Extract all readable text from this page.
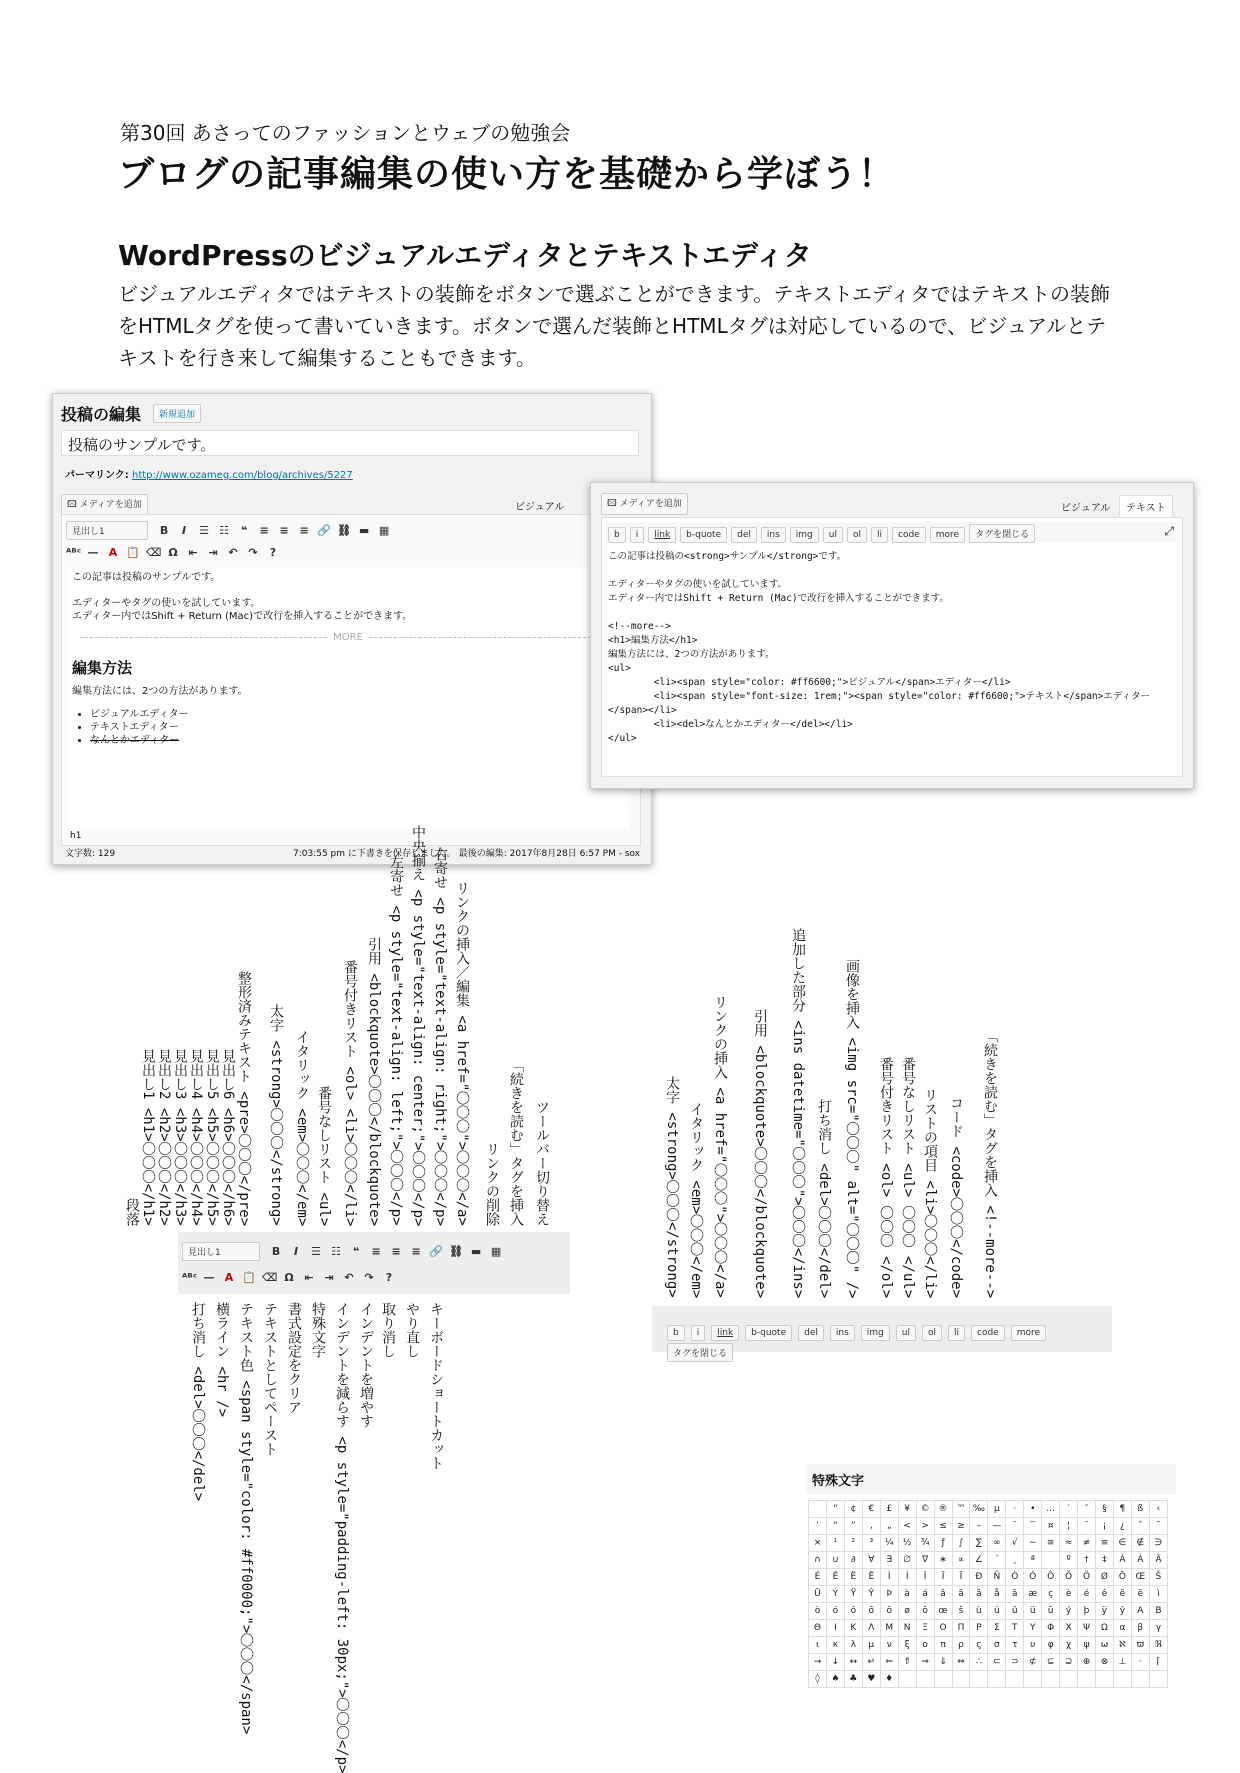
第30回 あさってのファッションとウェブの勉強会
ブログの記事編集の使い方を基礎から学ぼう！
WordPressのビジュアルエディタとテキストエディタ
ビジュアルエディタではテキストの装飾をボタンで選ぶことができます。テキストエディタではテキストの装飾をHTMLタグを使って書いていきます。ボタンで選んだ装飾とHTMLタグは対応しているので、ビジュアルとテキストを行き来して編集することもできます。
投稿の編集	新規追加
投稿のサンプルです。
パーマリンク: http://www.ozameg.com/blog/archives/5227
🖾 メディアを追加	ビジュアル
見出し1	B I ☰ ☷ ❝ ≡ ≡ ≡ 🔗 ⛓ ▬ ▦
ᴬᴮᶜ — A 📋 ⌫ Ω ⇤ ⇥ ↶ ↷ ?
この記事は投稿のサンプルです。

エディターやタグの使いを試しています。
エディター内ではShift + Return (Mac)で改行を挿入することができます。
MORE
編集方法
編集方法には、2つの方法があります。
• ビジュアルエディター
• テキストエディター
• なんとかエディター
h1
文字数: 129	7:03:55 pm に下書きを保存しました。 最後の編集: 2017年8月28日 6:57 PM - sox
🖾 メディアを追加	ビジュアル	テキスト
b i link b-quote del ins img ul ol li code more タグを閉じる	⤢
この記事は投稿の<strong>サンプル</strong>です。

エディターやタグの使いを試しています。
エディター内ではShift + Return (Mac)で改行を挿入することができます。

<!--more-->
<h1>編集方法</h1>
編集方法には、2つの方法があります。
<ul>
<li><span style="color: #ff6600;">ビジュアル</span>エディター</li>
<li><span style="font-size: 1rem;"><span style="color: #ff6600;">テキスト</span>エディター
</span></li>
<li><del>なんとかエディター</del></li>
</ul>
段落 見出し1 <h1>〇〇〇</h1> 見出し2 <h2>〇〇〇</h2> 見出し3 <h3>〇〇〇</h3> 見出し4 <h4>〇〇〇</h4> 見出し5 <h5>〇〇〇</h5> 見出し6 <h6>〇〇〇</h6> 整形済みテキスト <pre>〇〇〇</pre> 太字 <strong>〇〇〇</strong> イタリック <em>〇〇〇</em> 番号なしリスト <ul> 番号付きリスト <ol> <li>〇〇〇</li> 引用 <blockquote>〇〇〇</blockquote> 左寄せ <p style="text-align: left;">〇〇〇</p> 中央揃え <p style="text-align: center;">〇〇〇</p> 右寄せ <p style="text-align: right;">〇〇〇</p> リンクの挿入／編集 <a href="〇〇〇">〇〇〇</a>	「続きを読む」タグを挿入
リンクの削除 ツールバー切り替え
見出し1	B I ☰ ☷ ❝ ≡ ≡ ≡ 🔗 ⛓ ▬ ▦
ᴬᴮᶜ — A 📋 ⌫ Ω ⇤ ⇥ ↶ ↷ ?
打ち消し <del>〇〇〇</del> 横ライン <hr /> テキスト色 <span style="color: #ff0000;">〇〇〇</span> テキストとしてペースト 書式設定をクリア 特殊文字 インデントを減らす <p style="padding-left: 30px;">〇〇〇</p> インデントを増やす 取り消し やり直し キーボードショートカット
太字 <strong>〇〇〇</strong> イタリック <em>〇〇〇</em> リンクの挿入 <a href="〇〇〇">〇〇〇</a> 引用 <blockquote>〇〇〇</blockquote> 追加した部分 <ins datetime="〇〇〇">〇〇〇</ins> 打ち消し <del>〇〇〇</del> 画像を挿入 <img src="〇〇〇" alt="〇〇〇" /> 番号付きリスト <ol> 〇〇〇 </ol> 番号なしリスト <ul> 〇〇〇 </ul> リストの項目 <li>〇〇〇</li> コード <code>〇〇〇</code> 「続きを読む」タグを挿入 <!--more-->
b i link b-quote del ins img ul ol li code moreタグを閉じる
特殊文字
	"	¢	€	£	¥	©	®	™	‰	µ	·	•	…	′	″	§	¶	ß	‹
’	“	”	‚	„	<	>	≤	≥	–	—	¯	‾	¤	¦	¨	¡	¿	ˆ	˜
×	¹	²	³	¼	½	¾	ƒ	∫	∑	∞	√	∼	≅	≈	≠	≡	∈	∉	∋
∩	∪	∂	∀	∃	∅	∇	∗	∝	∠	´	¸	ª		º	†	‡	À	Á	Â
É	Ê	Ë	Ē	Ì	Í	Î	Ï	Ī	Ð	Ñ	Ò	Ó	Ô	Õ	Ö	Ø	Ō	Œ	Š
Ū	Ý	Ÿ	Ŷ	Þ	à	á	â	ã	ä	å	ā	æ	ç	è	é	ê	ë	ē	ì
ò	ó	ô	õ	ö	ø	ō	œ	š	ù	ú	û	ü	ū	ý	þ	ÿ	ŷ	Α	Β
Θ	Ι	Κ	Λ	Μ	Ν	Ξ	Ο	Π	Ρ	Σ	Τ	Υ	Φ	Χ	Ψ	Ω	α	β	γ
ι	κ	λ	μ	ν	ξ	ο	π	ρ	ς	σ	τ	υ	φ	χ	ψ	ω	ℵ	ϖ	ℜ
→	↓	↔	↵	⇐	⇑	⇒	⇓	⇔	∴	⊂	⊃	⊄	⊆	⊇	⊕	⊗	⊥	⋅	⌈
◊	♠	♣	♥	♦															
